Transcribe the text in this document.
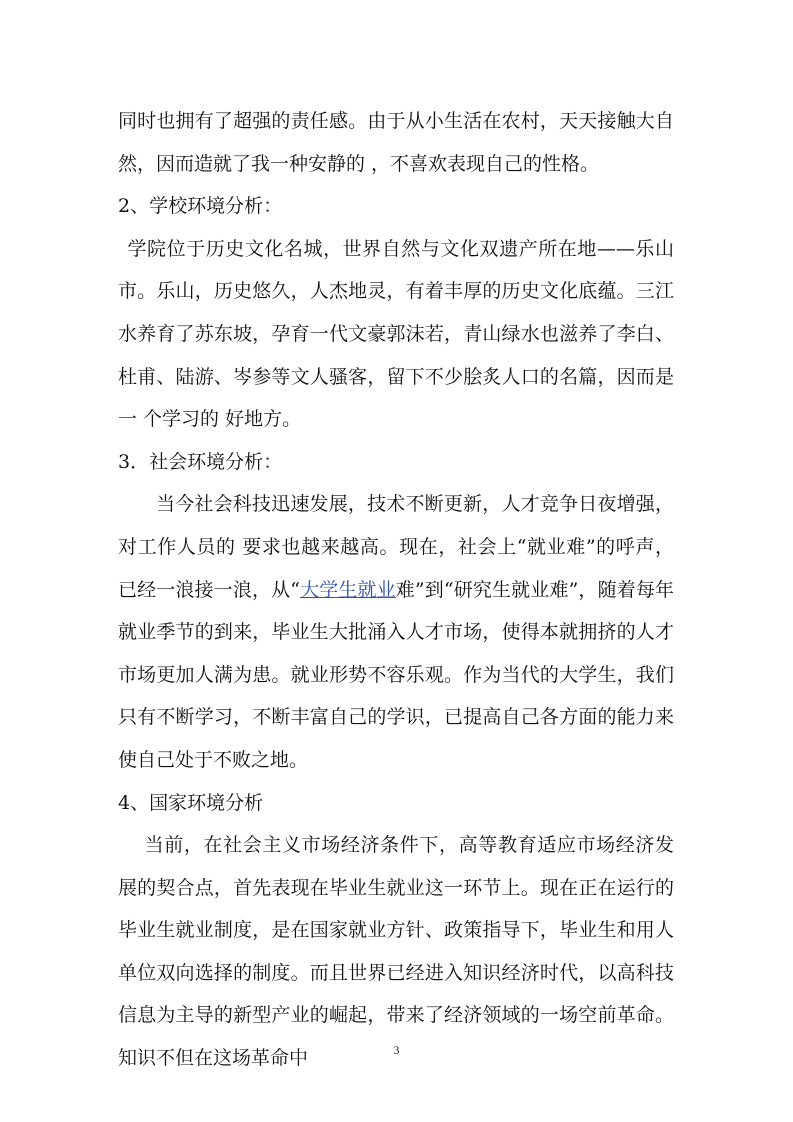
同时也拥有了超强的责任感。由于从小生活在农村，天天接触大自然，因而造就了我一种安静的 ，不喜欢表现自己的性格。

2、学校环境分析：

学院位于历史文化名城，世界自然与文化双遗产所在地——乐山市。乐山，历史悠久，人杰地灵，有着丰厚的历史文化底蕴。三江水养育了苏东坡，孕育一代文豪郭沫若，青山绿水也滋养了李白、杜甫、陆游、岑参等文人骚客，留下不少脍炙人口的名篇，因而是 一 个学习的 好地方。

3．社会环境分析：

当今社会科技迅速发展，技术不断更新，人才竞争日夜增强，对工作人员的 要求也越来越高。现在，社会上“就业难”的呼声，已经一浪接一浪，从“大学生就业难”到“研究生就业难”，随着每年就业季节的到来，毕业生大批涌入人才市场，使得本就拥挤的人才市场更加人满为患。就业形势不容乐观。作为当代的大学生，我们只有不断学习，不断丰富自己的学识，已提高自己各方面的能力来使自己处于不败之地。

4、国家环境分析

当前，在社会主义市场经济条件下，高等教育适应市场经济发展的契合点，首先表现在毕业生就业这一环节上。现在正在运行的毕业生就业制度，是在国家就业方针、政策指导下，毕业生和用人单位双向选择的制度。而且世界已经进入知识经济时代，以高科技信息为主导的新型产业的崛起，带来了经济领域的一场空前革命。知识不但在这场革命中	3
